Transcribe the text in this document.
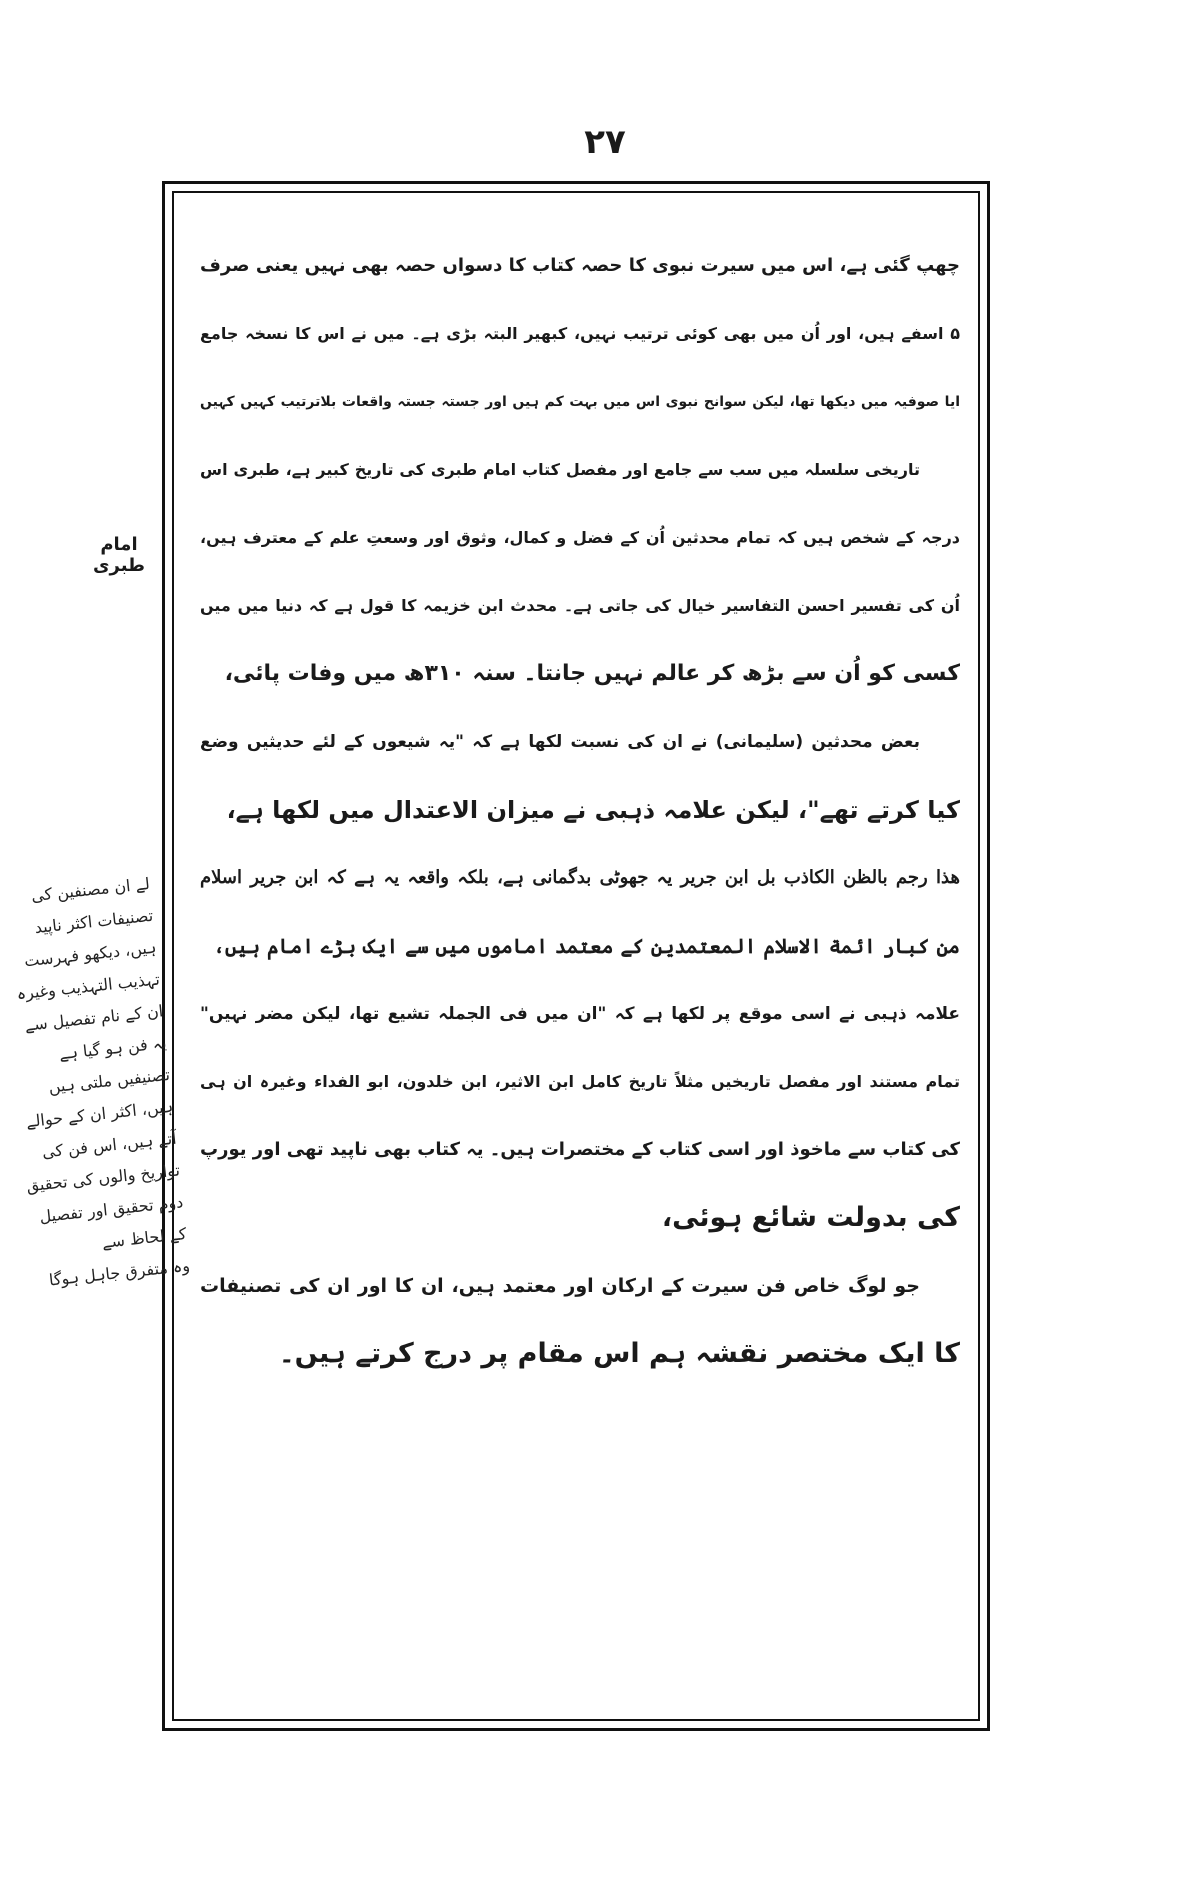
۲۷
امام طبری
لے ان مصنفین کی
تصنیفات اکثر ناپید
ہیں، دیکھو فہرست
تہذیب التہذیب وغیرہ
ان کے نام تفصیل سے
یہ فن ہو گیا ہے
تصنیفیں ملتی ہیں
ہیں، اکثر ان کے حوالے
آتے ہیں، اس فن کی
تواریخ والوں کی تحقیق
دوم تحقیق اور تفصیل
کے لحاظ سے
وہ متفرق جاہل ہوگا
چھپ گئی ہے، اس میں سیرت نبوی کا حصہ کتاب کا دسواں حصہ بھی نہیں یعنی صرف
۵ اسفے ہیں، اور اُن میں بھی کوئی ترتیب نہیں، کبھیر البتہ بڑی ہے۔ میں نے اس کا نسخہ جامع
ایا صوفیہ میں دیکھا تھا، لیکن سوانح نبوی اس میں بہت کم ہیں اور جستہ جستہ واقعات بلاترتیب کہیں کہیں
تاریخی سلسلہ میں سب سے جامع اور مفصل کتاب امام طبری کی تاریخ کبیر ہے، طبری اس
درجہ کے شخص ہیں کہ تمام محدثین اُن کے فضل و کمال، وثوق اور وسعتِ علم کے معترف ہیں،
اُن کی تفسیر احسن التفاسیر خیال کی جاتی ہے۔ محدث ابن خزیمہ کا قول ہے کہ دنیا میں میں
کسی کو اُن سے بڑھ کر عالم نہیں جانتا۔ سنہ ۳۱۰ھ میں وفات پائی،
بعض محدثین (سلیمانی) نے ان کی نسبت لکھا ہے کہ "یہ شیعوں کے لئے حدیثیں وضع
کیا کرتے تھے"، لیکن علامہ ذہبی نے میزان الاعتدال میں لکھا ہے،
هذا رجم بالظن الكاذب بل ابن جرير یہ جھوٹی بدگمانی ہے، بلکہ واقعہ یہ ہے کہ ابن جریر اسلام
من كبار ائمة الاسلام المعتمدين کے معتمد اماموں میں سے ایک بڑے امام ہیں،
علامہ ذہبی نے اسی موقع پر لکھا ہے کہ "ان میں فی الجملہ تشیع تھا، لیکن مضر نہیں"
تمام مستند اور مفصل تاریخیں مثلاً تاریخ کامل ابن الاثیر، ابن خلدون، ابو الفداء وغیرہ ان ہی
کی کتاب سے ماخوذ اور اسی کتاب کے مختصرات ہیں۔ یہ کتاب بھی ناپید تھی اور یورپ
کی بدولت شائع ہوئی،
جو لوگ خاص فن سیرت کے ارکان اور معتمد ہیں، ان کا اور ان کی تصنیفات
کا ایک مختصر نقشہ ہم اس مقام پر درج کرتے ہیں۔
